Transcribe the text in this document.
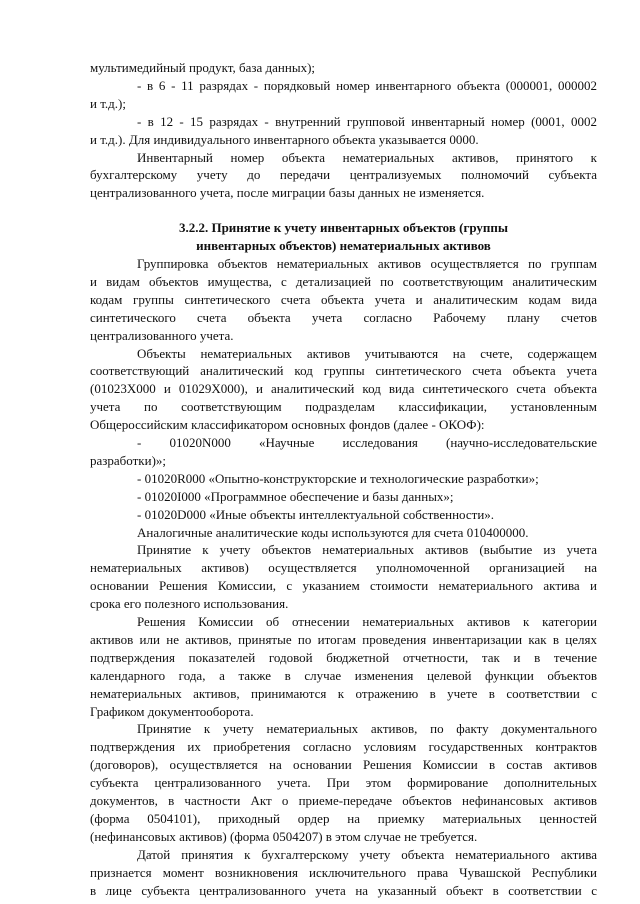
мультимедийный продукт, база данных);
- в 6 - 11 разрядах - порядковый номер инвентарного объекта (000001, 000002
и т.д.);
- в 12 - 15 разрядах - внутренний групповой инвентарный номер (0001, 0002
и т.д.). Для индивидуального инвентарного объекта указывается 0000.
Инвентарный номер объекта нематериальных активов, принятого к
бухгалтерскому учету до передачи централизуемых полномочий субъекта
централизованного учета, после миграции базы данных не изменяется.
3.2.2. Принятие к учету инвентарных объектов (группы
инвентарных объектов) нематериальных активов
Группировка объектов нематериальных активов осуществляется по группам
и видам объектов имущества, с детализацией по соответствующим аналитическим
кодам группы синтетического счета объекта учета и аналитическим кодам вида
синтетического счета объекта учета согласно Рабочему плану счетов
централизованного учета.
Объекты нематериальных активов учитываются на счете, содержащем
соответствующий аналитический код группы синтетического счета объекта учета
(01023Х000 и 01029Х000), и аналитический код вида синтетического счета объекта
учета по соответствующим подразделам классификации, установленным
Общероссийским классификатором основных фондов (далее - ОКОФ):
- 01020N000 «Научные исследования (научно-исследовательские
разработки)»;
- 01020R000 «Опытно-конструкторские и технологические разработки»;
- 01020I000 «Программное обеспечение и базы данных»;
- 01020D000 «Иные объекты интеллектуальной собственности».
Аналогичные аналитические коды используются для счета 010400000.
Принятие к учету объектов нематериальных активов (выбытие из учета
нематериальных активов) осуществляется уполномоченной организацией на
основании Решения Комиссии, с указанием стоимости нематериального актива и
срока его полезного использования.
Решения Комиссии об отнесении нематериальных активов к категории
активов или не активов, принятые по итогам проведения инвентаризации как в целях
подтверждения показателей годовой бюджетной отчетности, так и в течение
календарного года, а также в случае изменения целевой функции объектов
нематериальных активов, принимаются к отражению в учете в соответствии с
Графиком документооборота.
Принятие к учету нематериальных активов, по факту документального
подтверждения их приобретения согласно условиям государственных контрактов
(договоров), осуществляется на основании Решения Комиссии в состав активов
субъекта централизованного учета. При этом формирование дополнительных
документов, в частности Акт о приеме-передаче объектов нефинансовых активов
(форма 0504101), приходный ордер на приемку материальных ценностей
(нефинансовых активов) (форма 0504207) в этом случае не требуется.
Датой принятия к бухгалтерскому учету объекта нематериального актива
признается момент возникновения исключительного права Чувашской Республики
в лице субъекта централизованного учета на указанный объект в соответствии с
